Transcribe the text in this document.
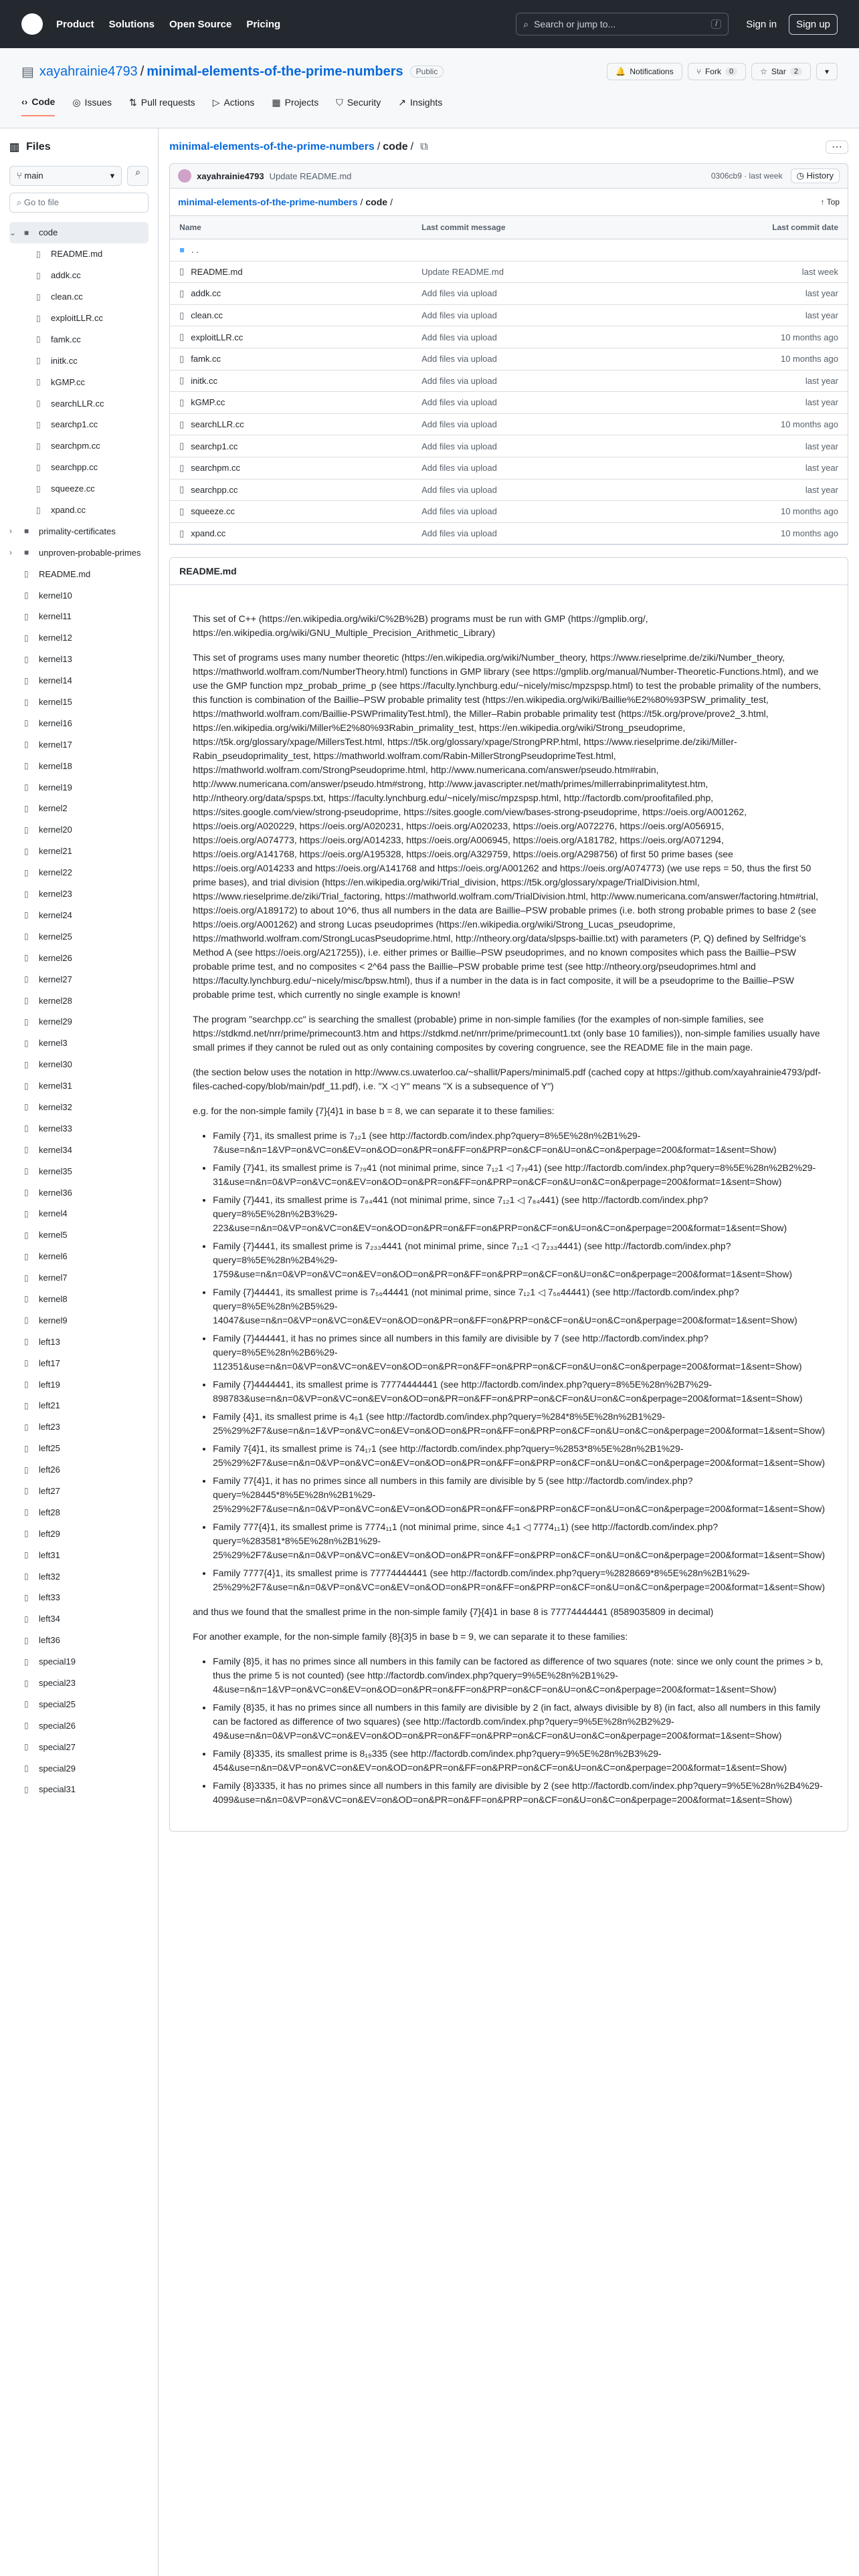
Product Solutions Open Source Pricing	⌕ Search or jump to...	/	Sign in	Sign up
▤ xayahrainie4793 / minimal-elements-of-the-prime-numbers	Public	🔔 Notifications	⑂ Fork	0	☆ Star	2	▾
‹› Code ◎ Issues ⇅ Pull requests ▷ Actions ▦ Projects ⛉ Security ↗ Insights
▥ Files
⑂ main	▾	⌕
⌕ Go to file
⌄ ■	code
▯	README.md
▯	addk.cc
▯	clean.cc
▯	exploitLLR.cc
▯	famk.cc
▯	initk.cc
▯	kGMP.cc
▯	searchLLR.cc
▯	searchp1.cc
▯	searchpm.cc
▯	searchpp.cc
▯	squeeze.cc
▯	xpand.cc
›	■	primality-certificates
›	■	unproven-probable-primes
▯	README.md
▯	kernel10
▯	kernel11
▯	kernel12
▯	kernel13
▯	kernel14
▯	kernel15
▯	kernel16
▯	kernel17
▯	kernel18
▯	kernel19
▯	kernel2
▯	kernel20
▯	kernel21
▯	kernel22
▯	kernel23
▯	kernel24
▯	kernel25
▯	kernel26
▯	kernel27
▯	kernel28
▯	kernel29
▯	kernel3
▯	kernel30
▯	kernel31
▯	kernel32
▯	kernel33
▯	kernel34
▯	kernel35
▯	kernel36
▯	kernel4
▯	kernel5
▯	kernel6
▯	kernel7
▯	kernel8
▯	kernel9
▯	left13
▯	left17
▯	left19
▯	left21
▯	left23
▯	left25
▯	left26
▯	left27
▯	left28
▯	left29
▯	left31
▯	left32
▯	left33
▯	left34
▯	left36
▯	special19
▯	special23
▯	special25
▯	special26
▯	special27
▯	special29
▯	special31
minimal-elements-of-the-prime-numbers / code / ⧉	···
xayahrainie4793 Update README.md	0306cb9 · last week	◷ History
minimal-elements-of-the-prime-numbers / code /	↑ Top
Name	Last commit message	Last commit date
■ . .
▯ README.md	Update README.md	last week
▯ addk.cc	Add files via upload	last year
▯ clean.cc	Add files via upload	last year
▯ exploitLLR.cc	Add files via upload	10 months ago
▯ famk.cc	Add files via upload	10 months ago
▯ initk.cc	Add files via upload	last year
▯ kGMP.cc	Add files via upload	last year
▯ searchLLR.cc	Add files via upload	10 months ago
▯ searchp1.cc	Add files via upload	last year
▯ searchpm.cc	Add files via upload	last year
▯ searchpp.cc	Add files via upload	last year
▯ squeeze.cc	Add files via upload	10 months ago
▯ xpand.cc	Add files via upload	10 months ago
README.md

This set of C++ (https://en.wikipedia.org/wiki/C%2B%2B) programs must be run with GMP (https://gmplib.org/, https://en.wikipedia.org/wiki/GNU_Multiple_Precision_Arithmetic_Library)

This set of programs uses many number theoretic (https://en.wikipedia.org/wiki/Number_theory, https://www.rieselprime.de/ziki/Number_theory, https://mathworld.wolfram.com/NumberTheory.html) functions in GMP library (see https://gmplib.org/manual/Number-Theoretic-Functions.html), and we use the GMP function mpz_probab_prime_p (see https://faculty.lynchburg.edu/~nicely/misc/mpzspsp.html) to test the probable primality of the numbers, this function is combination of the Baillie–PSW probable primality test (https://en.wikipedia.org/wiki/Baillie%E2%80%93PSW_primality_test, https://mathworld.wolfram.com/Baillie-PSWPrimalityTest.html), the Miller–Rabin probable primality test (https://t5k.org/prove/prove2_3.html, https://en.wikipedia.org/wiki/Miller%E2%80%93Rabin_primality_test, https://en.wikipedia.org/wiki/Strong_pseudoprime, https://t5k.org/glossary/xpage/MillersTest.html, https://t5k.org/glossary/xpage/StrongPRP.html, https://www.rieselprime.de/ziki/Miller-Rabin_pseudoprimality_test, https://mathworld.wolfram.com/Rabin-MillerStrongPseudoprimeTest.html, https://mathworld.wolfram.com/StrongPseudoprime.html, http://www.numericana.com/answer/pseudo.htm#rabin, http://www.numericana.com/answer/pseudo.htm#strong, http://www.javascripter.net/math/primes/millerrabinprimalitytest.htm, http://ntheory.org/data/spsps.txt, https://faculty.lynchburg.edu/~nicely/misc/mpzspsp.html, http://factordb.com/proofitafiled.php, https://sites.google.com/view/strong-pseudoprime, https://sites.google.com/view/bases-strong-pseudoprime, https://oeis.org/A001262, https://oeis.org/A020229, https://oeis.org/A020231, https://oeis.org/A020233, https://oeis.org/A072276, https://oeis.org/A056915, https://oeis.org/A074773, https://oeis.org/A014233, https://oeis.org/A006945, https://oeis.org/A181782, https://oeis.org/A071294, https://oeis.org/A141768, https://oeis.org/A195328, https://oeis.org/A329759, https://oeis.org/A298756) of first 50 prime bases (see https://oeis.org/A014233 and https://oeis.org/A141768 and https://oeis.org/A001262 and https://oeis.org/A074773) (we use reps = 50, thus the first 50 prime bases), and trial division (https://en.wikipedia.org/wiki/Trial_division, https://t5k.org/glossary/xpage/TrialDivision.html, https://www.rieselprime.de/ziki/Trial_factoring, https://mathworld.wolfram.com/TrialDivision.html, http://www.numericana.com/answer/factoring.htm#trial, https://oeis.org/A189172) to about 10^6, thus all numbers in the data are Baillie–PSW probable primes (i.e. both strong probable primes to base 2 (see https://oeis.org/A001262) and strong Lucas pseudoprimes (https://en.wikipedia.org/wiki/Strong_Lucas_pseudoprime, https://mathworld.wolfram.com/StrongLucasPseudoprime.html, http://ntheory.org/data/slpsps-baillie.txt) with parameters (P, Q) defined by Selfridge's Method A (see https://oeis.org/A217255)), i.e. either primes or Baillie–PSW pseudoprimes, and no known composites which pass the Baillie–PSW probable prime test, and no composites < 2^64 pass the Baillie–PSW probable prime test (see http://ntheory.org/pseudoprimes.html and https://faculty.lynchburg.edu/~nicely/misc/bpsw.html), thus if a number in the data is in fact composite, it will be a pseudoprime to the Baillie–PSW probable prime test, which currently no single example is known!

The program "searchpp.cc" is searching the smallest (probable) prime in non-simple families (for the examples of non-simple families, see https://stdkmd.net/nrr/prime/primecount3.htm and https://stdkmd.net/nrr/prime/primecount1.txt (only base 10 families)), non-simple families usually have small primes if they cannot be ruled out as only containing composites by covering congruence, see the README file in the main page.

(the section below uses the notation in http://www.cs.uwaterloo.ca/~shallit/Papers/minimal5.pdf (cached copy at https://github.com/xayahrainie4793/pdf-files-cached-copy/blob/main/pdf_11.pdf), i.e. "X ◁ Y" means "X is a subsequence of Y")

e.g. for the non-simple family {7}{4}1 in base b = 8, we can separate it to these families:

• Family {7}1, its smallest prime is 7₁₂1 (see http://factordb.com/index.php?query=8%5E%28n%2B1%29-7&use=n&n=1&VP=on&VC=on&EV=on&OD=on&PR=on&FF=on&PRP=on&CF=on&U=on&C=on&perpage=200&format=1&sent=Show)
• Family {7}41, its smallest prime is 7₇₉41 (not minimal prime, since 7₁₂1 ◁ 7₇₉41) (see http://factordb.com/index.php?query=8%5E%28n%2B2%29-31&use=n&n=0&VP=on&VC=on&EV=on&OD=on&PR=on&FF=on&PRP=on&CF=on&U=on&C=on&perpage=200&format=1&sent=Show)
• Family {7}441, its smallest prime is 7₈₄441 (not minimal prime, since 7₁₂1 ◁ 7₈₄441) (see http://factordb.com/index.php?query=8%5E%28n%2B3%29-223&use=n&n=0&VP=on&VC=on&EV=on&OD=on&PR=on&FF=on&PRP=on&CF=on&U=on&C=on&perpage=200&format=1&sent=Show)
• Family {7}4441, its smallest prime is 7₂₃₃4441 (not minimal prime, since 7₁₂1 ◁ 7₂₃₃4441) (see http://factordb.com/index.php?query=8%5E%28n%2B4%29-1759&use=n&n=0&VP=on&VC=on&EV=on&OD=on&PR=on&FF=on&PRP=on&CF=on&U=on&C=on&perpage=200&format=1&sent=Show)
• Family {7}44441, its smallest prime is 7₅₆44441 (not minimal prime, since 7₁₂1 ◁ 7₅₆44441) (see http://factordb.com/index.php?query=8%5E%28n%2B5%29-14047&use=n&n=0&VP=on&VC=on&EV=on&OD=on&PR=on&FF=on&PRP=on&CF=on&U=on&C=on&perpage=200&format=1&sent=Show)
• Family {7}444441, it has no primes since all numbers in this family are divisible by 7 (see http://factordb.com/index.php?query=8%5E%28n%2B6%29-112351&use=n&n=0&VP=on&VC=on&EV=on&OD=on&PR=on&FF=on&PRP=on&CF=on&U=on&C=on&perpage=200&format=1&sent=Show)
• Family {7}4444441, its smallest prime is 77774444441 (see http://factordb.com/index.php?query=8%5E%28n%2B7%29-898783&use=n&n=0&VP=on&VC=on&EV=on&OD=on&PR=on&FF=on&PRP=on&CF=on&U=on&C=on&perpage=200&format=1&sent=Show)
• Family {4}1, its smallest prime is 4₅1 (see http://factordb.com/index.php?query=%284*8%5E%28n%2B1%29-25%29%2F7&use=n&n=1&VP=on&VC=on&EV=on&OD=on&PR=on&FF=on&PRP=on&CF=on&U=on&C=on&perpage=200&format=1&sent=Show)
• Family 7{4}1, its smallest prime is 74₁₇1 (see http://factordb.com/index.php?query=%2853*8%5E%28n%2B1%29-25%29%2F7&use=n&n=0&VP=on&VC=on&EV=on&OD=on&PR=on&FF=on&PRP=on&CF=on&U=on&C=on&perpage=200&format=1&sent=Show)
• Family 77{4}1, it has no primes since all numbers in this family are divisible by 5 (see http://factordb.com/index.php?query=%28445*8%5E%28n%2B1%29-25%29%2F7&use=n&n=0&VP=on&VC=on&EV=on&OD=on&PR=on&FF=on&PRP=on&CF=on&U=on&C=on&perpage=200&format=1&sent=Show)
• Family 777{4}1, its smallest prime is 7774₁₁1 (not minimal prime, since 4₅1 ◁ 7774₁₁1) (see http://factordb.com/index.php?query=%283581*8%5E%28n%2B1%29-25%29%2F7&use=n&n=0&VP=on&VC=on&EV=on&OD=on&PR=on&FF=on&PRP=on&CF=on&U=on&C=on&perpage=200&format=1&sent=Show)
• Family 7777{4}1, its smallest prime is 77774444441 (see http://factordb.com/index.php?query=%2828669*8%5E%28n%2B1%29-25%29%2F7&use=n&n=0&VP=on&VC=on&EV=on&OD=on&PR=on&FF=on&PRP=on&CF=on&U=on&C=on&perpage=200&format=1&sent=Show)

and thus we found that the smallest prime in the non-simple family {7}{4}1 in base 8 is 77774444441 (8589035809 in decimal)

For another example, for the non-simple family {8}{3}5 in base b = 9, we can separate it to these families:

• Family {8}5, it has no primes since all numbers in this family can be factored as difference of two squares (note: since we only count the primes > b, thus the prime 5 is not counted) (see http://factordb.com/index.php?query=9%5E%28n%2B1%29-4&use=n&n=1&VP=on&VC=on&EV=on&OD=on&PR=on&FF=on&PRP=on&CF=on&U=on&C=on&perpage=200&format=1&sent=Show)
• Family {8}35, it has no primes since all numbers in this family are divisible by 2 (in fact, always divisible by 8) (in fact, also all numbers in this family can be factored as difference of two squares) (see http://factordb.com/index.php?query=9%5E%28n%2B2%29-49&use=n&n=0&VP=on&VC=on&EV=on&OD=on&PR=on&FF=on&PRP=on&CF=on&U=on&C=on&perpage=200&format=1&sent=Show)
• Family {8}335, its smallest prime is 8₁₉335 (see http://factordb.com/index.php?query=9%5E%28n%2B3%29-454&use=n&n=0&VP=on&VC=on&EV=on&OD=on&PR=on&FF=on&PRP=on&CF=on&U=on&C=on&perpage=200&format=1&sent=Show)
• Family {8}3335, it has no primes since all numbers in this family are divisible by 2 (see http://factordb.com/index.php?query=9%5E%28n%2B4%29-4099&use=n&n=0&VP=on&VC=on&EV=on&OD=on&PR=on&FF=on&PRP=on&CF=on&U=on&C=on&perpage=200&format=1&sent=Show)
